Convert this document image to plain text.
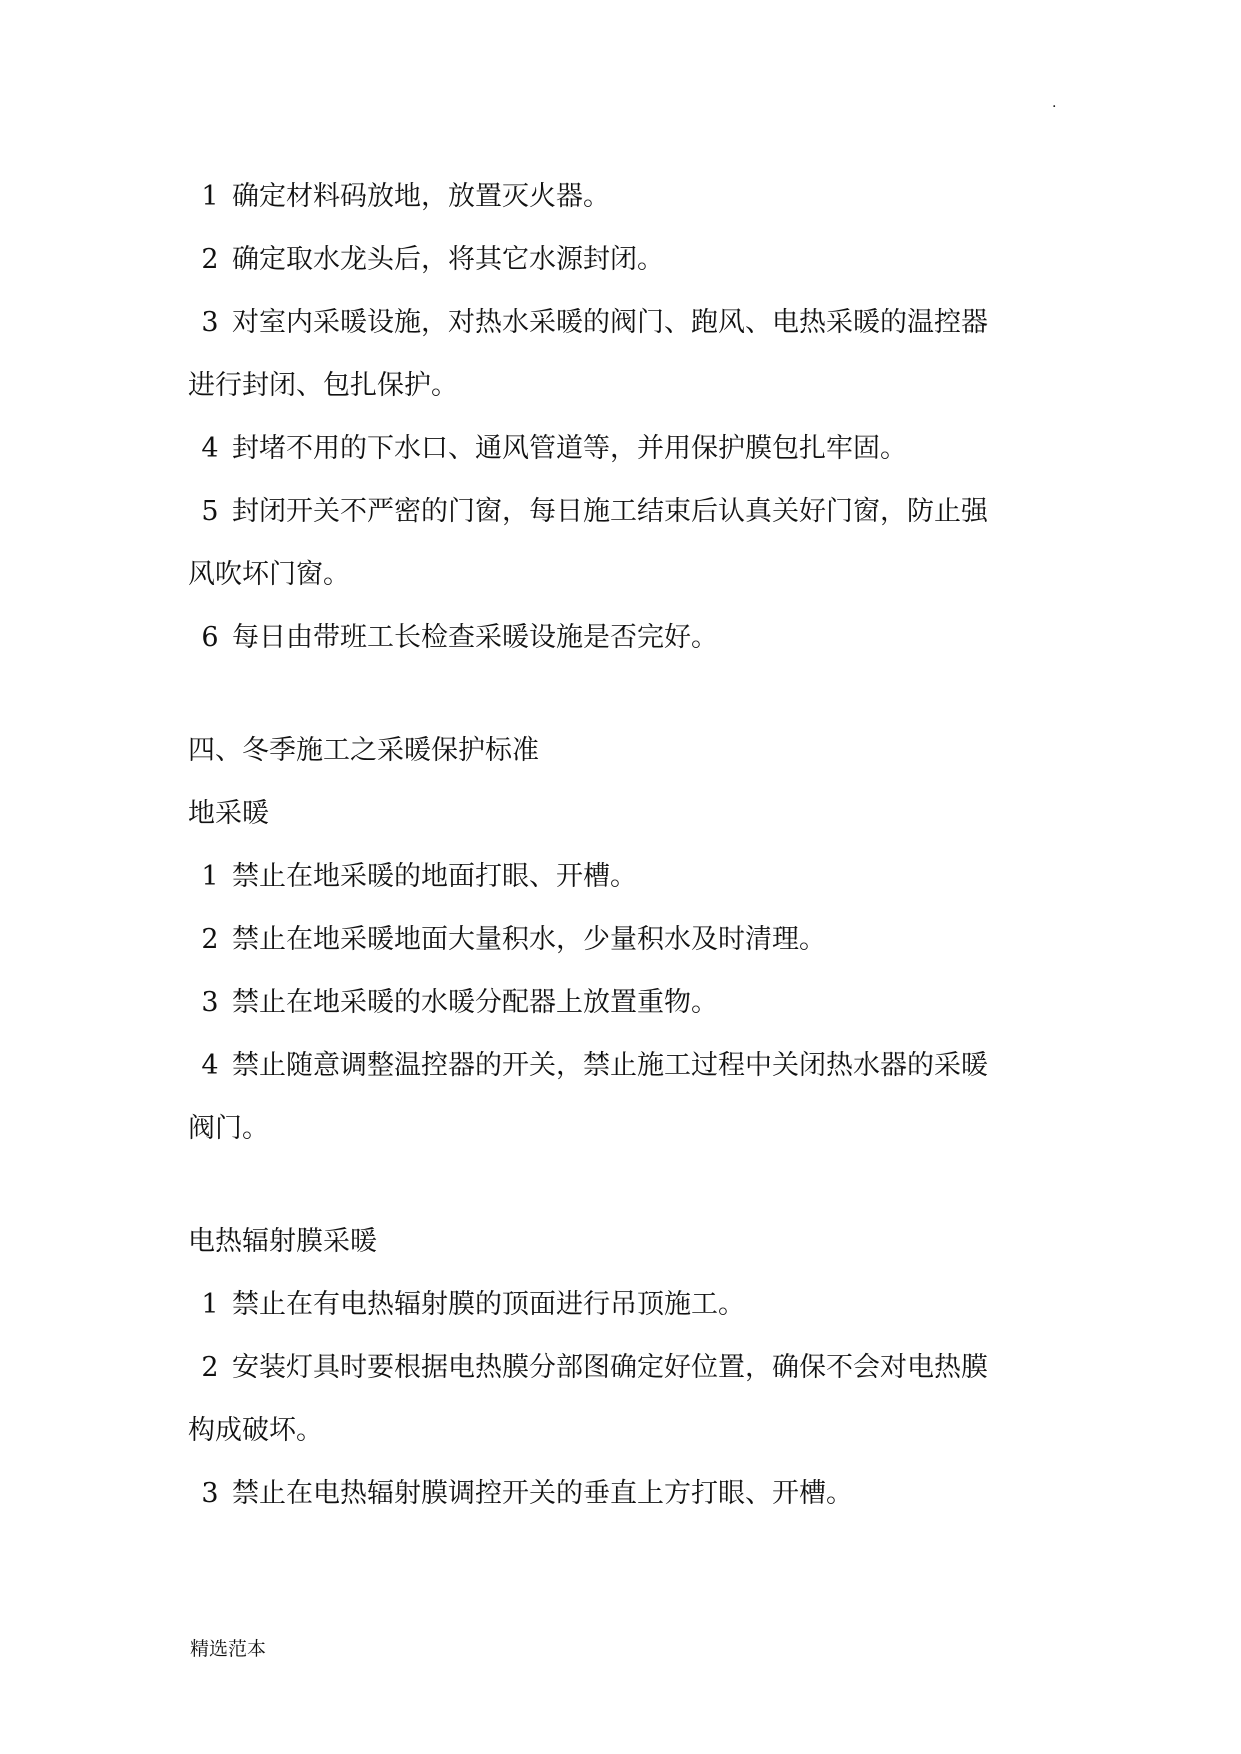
.
1 确定材料码放地，放置灭火器。
2 确定取水龙头后，将其它水源封闭。
3 对室内采暖设施，对热水采暖的阀门、跑风、电热采暖的温控器
进行封闭、包扎保护。
4 封堵不用的下水口、通风管道等，并用保护膜包扎牢固。
5 封闭开关不严密的门窗，每日施工结束后认真关好门窗，防止强
风吹坏门窗。
6 每日由带班工长检查采暖设施是否完好。
四、冬季施工之采暖保护标准
地采暖
1 禁止在地采暖的地面打眼、开槽。
2 禁止在地采暖地面大量积水，少量积水及时清理。
3 禁止在地采暖的水暖分配器上放置重物。
4 禁止随意调整温控器的开关，禁止施工过程中关闭热水器的采暖
阀门。
电热辐射膜采暖
1 禁止在有电热辐射膜的顶面进行吊顶施工。
2 安装灯具时要根据电热膜分部图确定好位置，确保不会对电热膜
构成破坏。
3 禁止在电热辐射膜调控开关的垂直上方打眼、开槽。
精选范本
